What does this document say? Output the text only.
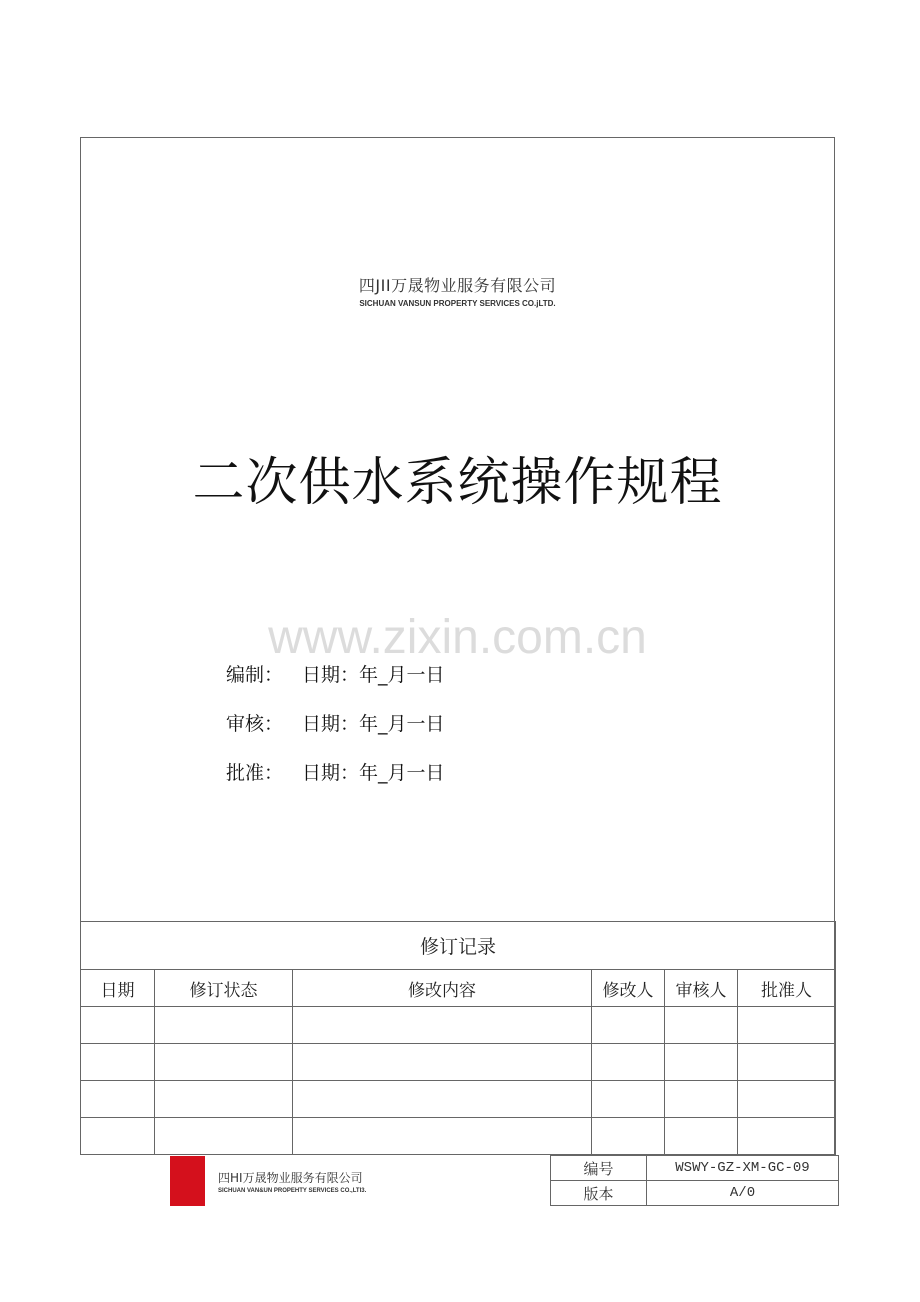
四JII万晟物业服务有限公司
SICHUAN VANSUN PROPERTY SERVICES CO.jLTD.
二次供水系统操作规程
www.zixin.com.cn
编制： 日期：年_月一日
审核： 日期：年_月一日
批准： 日期：年_月一日
修订记录					
日期	修订状态	修改内容	修改人	审核人	批准人

四HI万晟物业服务有限公司
SICHUAN VAN&UN PROPEHTY SERVICES CO.,LTI3.
编号	WSWY-GZ-XM-GC-09
版本	A/0
